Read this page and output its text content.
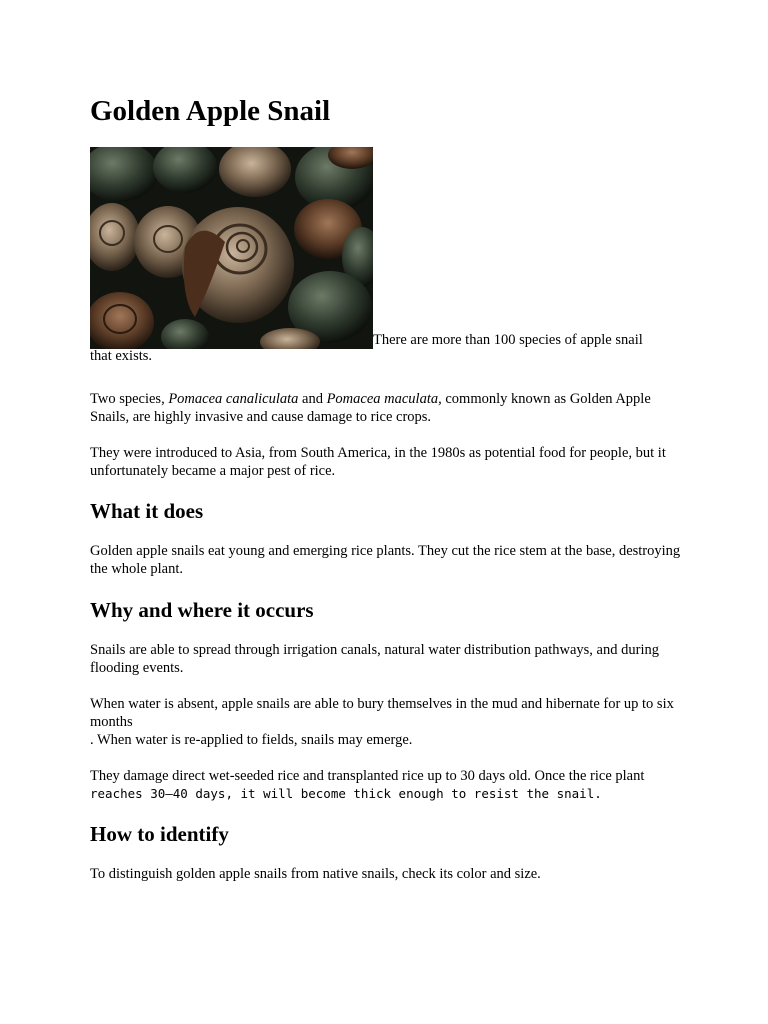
Golden Apple Snail
There are more than 100 species of apple snail

that exists.

Two species, Pomacea canaliculata and Pomacea maculata, commonly known as Golden Apple Snails, are highly invasive and cause damage to rice crops.

They were introduced to Asia, from South America, in the 1980s as potential food for people, but it unfortunately became a major pest of rice.

What it does

Golden apple snails eat young and emerging rice plants. They cut the rice stem at the base, destroying the whole plant.

Why and where it occurs

Snails are able to spread through irrigation canals, natural water distribution pathways, and during flooding events.

When water is absent, apple snails are able to bury themselves in the mud and hibernate for up to six months

. When water is re-applied to fields, snails may emerge.

They damage direct wet-seeded rice and transplanted rice up to 30 days old. Once the rice plant

reaches 30–40 days, it will become thick enough to resist the snail.

How to identify

To distinguish golden apple snails from native snails, check its color and size.
